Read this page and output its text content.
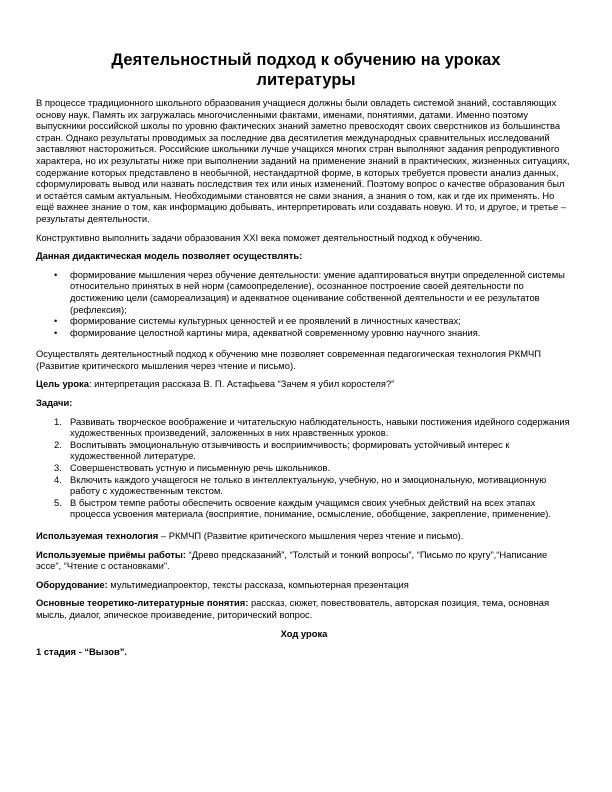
Деятельностный подход к обучению на уроках литературы

В процессе традиционного школьного образования учащиеся должны были овладеть системой знаний, составляющих основу наук. Память их загружалась многочисленными фактами, именами, понятиями, датами. Именно поэтому выпускники российской школы по уровню фактических знаний заметно превосходят своих сверстников из большинства стран. Однако результаты проводимых за последние два десятилетия международных сравнительных исследований заставляют насторожиться. Российские школьники лучше учащихся многих стран выполняют задания репродуктивного характера, но их результаты ниже при выполнении заданий на применение знаний в практических, жизненных ситуациях, содержание которых представлено в необычной, нестандартной форме, в которых требуется провести анализ данных, сформулировать вывод или назвать последствия тех или иных изменений. Поэтому вопрос о качестве образования был и остаётся самым актуальным. Необходимыми становятся не сами знания, а знания о том, как и где их применять. Но ещё важнее знание о том, как информацию добывать, интерпретировать или создавать новую. И то, и другое, и третье – результаты деятельности.

Конструктивно выполнить задачи образования XXI века поможет деятельностный подход к обучению.

Данная дидактическая модель позволяет осуществлять:

• формирование мышления через обучение деятельности: умение адаптироваться внутри определенной системы относительно принятых в ней норм (самоопределение), осознанное построение своей деятельности по достижению цели (самореализация) и адекватное оценивание собственной деятельности и ее результатов (рефлексия);
• формирование системы культурных ценностей и ее проявлений в личностных качествах;
• формирование целостной картины мира, адекватной современному уровню научного знания.

Осуществлять деятельностный подход к обучению мне позволяет современная педагогическая технология РКМЧП (Развитие критического мышления через чтение и письмо).

Цель урока: интерпретация рассказа В. П. Астафьева “Зачем я убил коростеля?”

Задачи:

1. Развивать творческое воображение и читательскую наблюдательность, навыки постижения идейного содержания художественных произведений, заложенных в них нравственных уроков.
2. Воспитывать эмоциональную отзывчивость и восприимчивость; формировать устойчивый интерес к художественной литературе.
3. Совершенствовать устную и письменную речь школьников.
4. Включить каждого учащегося не только в интеллектуальную, учебную, но и эмоциональную, мотивационную работу с художественным текстом.
5. В быстром темпе работы обеспечить освоение каждым учащимся своих учебных действий на всех этапах процесса усвоения материала (восприятие, понимание, осмысление, обобщение, закрепление, применение).

Используемая технология – РКМЧП (Развитие критического мышления через чтение и письмо).

Используемые приёмы работы: “Древо предсказаний”, “Толстый и тонкий вопросы”, “Письмо по кругу”,“Написание эссе”, “Чтение с остановками”.

Оборудование: мультимедиапроектор, тексты рассказа, компьютерная презентация

Основные теоретико-литературные понятия: рассказ, сюжет, повествователь, авторская позиция, тема, основная мысль, диалог, эпическое произведение, риторический вопрос.

Ход урока

1 стадия - “Вызов”.
